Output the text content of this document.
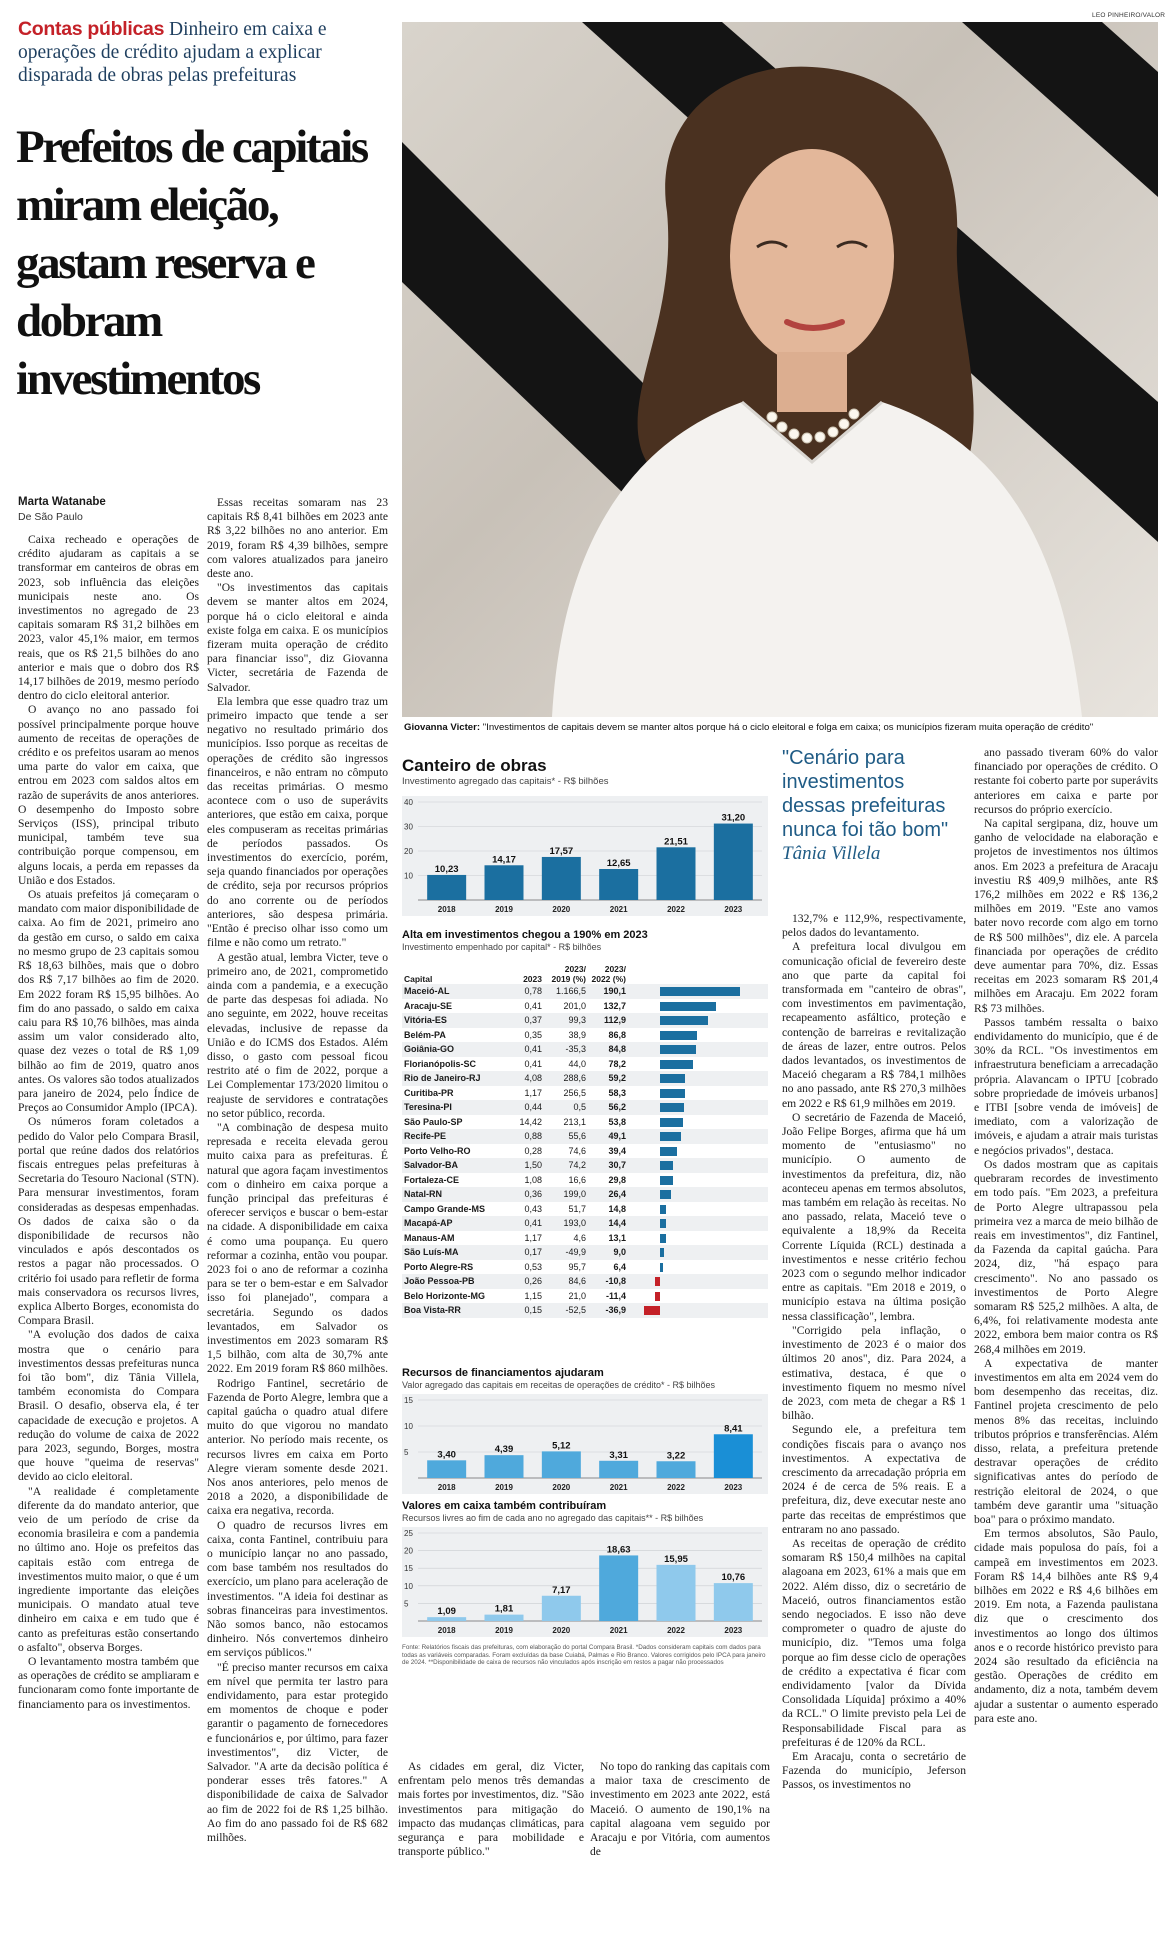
Contas públicas Dinheiro em caixa e operações de crédito ajudam a explicar disparada de obras pelas prefeituras
Prefeitos de capitais miram eleição, gastam reserva e dobram investimentos
Marta Watanabe
De São Paulo

Caixa recheado e operações de crédito ajudaram as capitais a se transformar em canteiros de obras em 2023, sob influência das eleições municipais neste ano. Os investimentos no agregado de 23 capitais somaram R$ 31,2 bilhões em 2023, valor 45,1% maior, em termos reais, que os R$ 21,5 bilhões do ano anterior e mais que o dobro dos R$ 14,17 bilhões de 2019, mesmo período dentro do ciclo eleitoral anterior.

O avanço no ano passado foi possível principalmente porque houve aumento de receitas de operações de crédito e os prefeitos usaram ao menos uma parte do valor em caixa, que entrou em 2023 com saldos altos em razão de superávits de anos anteriores. O desempenho do Imposto sobre Serviços (ISS), principal tributo municipal, também teve sua contribuição porque compensou, em alguns locais, a perda em repasses da União e dos Estados.

Os atuais prefeitos já começaram o mandato com maior disponibilidade de caixa. Ao fim de 2021, primeiro ano da gestão em curso, o saldo em caixa no mesmo grupo de 23 capitais somou R$ 18,63 bilhões, mais que o dobro dos R$ 7,17 bilhões ao fim de 2020. Em 2022 foram R$ 15,95 bilhões. Ao fim do ano passado, o saldo em caixa caiu para R$ 10,76 bilhões, mas ainda assim um valor considerado alto, quase dez vezes o total de R$ 1,09 bilhão ao fim de 2019, quatro anos antes. Os valores são todos atualizados para janeiro de 2024, pelo Índice de Preços ao Consumidor Amplo (IPCA).

Os números foram coletados a pedido do Valor pelo Compara Brasil, portal que reúne dados dos relatórios fiscais entregues pelas prefeituras à Secretaria do Tesouro Nacional (STN). Para mensurar investimentos, foram consideradas as despesas empenhadas. Os dados de caixa são o da disponibilidade de recursos não vinculados e após descontados os restos a pagar não processados. O critério foi usado para refletir de forma mais conservadora os recursos livres, explica Alberto Borges, economista do Compara Brasil.

"A evolução dos dados de caixa mostra que o cenário para investimentos dessas prefeituras nunca foi tão bom", diz Tânia Villela, também economista do Compara Brasil. O desafio, observa ela, é ter capacidade de execução e projetos. A redução do volume de caixa de 2022 para 2023, segundo, Borges, mostra que houve "queima de reservas" devido ao ciclo eleitoral.

"A realidade é completamente diferente da do mandato anterior, que veio de um período de crise da economia brasileira e com a pandemia no último ano. Hoje os prefeitos das capitais estão com entrega de investimentos muito maior, o que é um ingrediente importante das eleições municipais. O mandato atual teve dinheiro em caixa e em tudo que é canto as prefeituras estão consertando o asfalto", observa Borges.

O levantamento mostra também que as operações de crédito se ampliaram e funcionaram como fonte importante de financiamento para os investimentos.

Essas receitas somaram nas 23 capitais R$ 8,41 bilhões em 2023 ante R$ 3,22 bilhões no ano anterior. Em 2019, foram R$ 4,39 bilhões, sempre com valores atualizados para janeiro deste ano.

"Os investimentos das capitais devem se manter altos em 2024, porque há o ciclo eleitoral e ainda existe folga em caixa. E os municípios fizeram muita operação de crédito para financiar isso", diz Giovanna Victer, secretária de Fazenda de Salvador.

Ela lembra que esse quadro traz um primeiro impacto que tende a ser negativo no resultado primário dos municípios. Isso porque as receitas de operações de crédito são ingressos financeiros, e não entram no cômputo das receitas primárias. O mesmo acontece com o uso de superávits anteriores, que estão em caixa, porque eles compuseram as receitas primárias de períodos passados. Os investimentos do exercício, porém, seja quando financiados por operações de crédito, seja por recursos próprios do ano corrente ou de períodos anteriores, são despesa primária. "Então é preciso olhar isso como um filme e não como um retrato."

A gestão atual, lembra Victer, teve o primeiro ano, de 2021, comprometido ainda com a pandemia, e a execução de parte das despesas foi adiada. No ano seguinte, em 2022, houve receitas elevadas, inclusive de repasse da União e do ICMS dos Estados. Além disso, o gasto com pessoal ficou restrito até o fim de 2022, porque a Lei Complementar 173/2020 limitou o reajuste de servidores e contratações no setor público, recorda.

"A combinação de despesa muito represada e receita elevada gerou muito caixa para as prefeituras. É natural que agora façam investimentos com o dinheiro em caixa porque a função principal das prefeituras é oferecer serviços e buscar o bem-estar na cidade. A disponibilidade em caixa é como uma poupança. Eu quero reformar a cozinha, então vou poupar. 2023 foi o ano de reformar a cozinha para se ter o bem-estar e em Salvador isso foi planejado", compara a secretária. Segundo os dados levantados, em Salvador os investimentos em 2023 somaram R$ 1,5 bilhão, com alta de 30,7% ante 2022. Em 2019 foram R$ 860 milhões.

Rodrigo Fantinel, secretário de Fazenda de Porto Alegre, lembra que a capital gaúcha o quadro atual difere muito do que vigorou no mandato anterior. No período mais recente, os recursos livres em caixa em Porto Alegre vieram somente desde 2021. Nos anos anteriores, pelo menos de 2018 a 2020, a disponibilidade de caixa era negativa, recorda.

O quadro de recursos livres em caixa, conta Fantinel, contribuiu para o município lançar no ano passado, com base também nos resultados do exercício, um plano para aceleração de investimentos. "A ideia foi destinar as sobras financeiras para investimentos. Não somos banco, não estocamos dinheiro. Nós convertemos dinheiro em serviços públicos."

"É preciso manter recursos em caixa em nível que permita ter lastro para endividamento, para estar protegido em momentos de choque e poder garantir o pagamento de fornecedores e funcionários e, por último, para fazer investimentos", diz Victer, de Salvador. "A arte da decisão política é ponderar esses três fatores." A disponibilidade de caixa de Salvador ao fim de 2022 foi de R$ 1,25 bilhão. Ao fim do ano passado foi de R$ 682 milhões.

As cidades em geral, diz Victer, enfrentam pelo menos três demandas mais fortes por investimentos, diz. "São investimentos para mitigação do impacto das mudanças climáticas, para segurança e para mobilidade e transporte público."

No topo do ranking das capitais com a maior taxa de crescimento de investimento em 2023 ante 2022, está Maceió. O aumento de 190,1% na capital alagoana vem seguido por Aracaju e por Vitória, com aumentos de

132,7% e 112,9%, respectivamente, pelos dados do levantamento.

A prefeitura local divulgou em comunicação oficial de fevereiro deste ano que parte da capital foi transformada em "canteiro de obras", com investimentos em pavimentação, recapeamento asfáltico, proteção e contenção de barreiras e revitalização de áreas de lazer, entre outros. Pelos dados levantados, os investimentos de Maceió chegaram a R$ 784,1 milhões no ano passado, ante R$ 270,3 milhões em 2022 e R$ 61,9 milhões em 2019.

O secretário de Fazenda de Maceió, João Felipe Borges, afirma que há um momento de "entusiasmo" no município. O aumento de investimentos da prefeitura, diz, não aconteceu apenas em termos absolutos, mas também em relação às receitas. No ano passado, relata, Maceió teve o equivalente a 18,9% da Receita Corrente Líquida (RCL) destinada a investimentos e nesse critério fechou 2023 com o segundo melhor indicador entre as capitais. "Em 2018 e 2019, o município estava na última posição nessa classificação", lembra.

"Corrigido pela inflação, o investimento de 2023 é o maior dos últimos 20 anos", diz. Para 2024, a estimativa, destaca, é que o investimento fiquem no mesmo nível de 2023, com meta de chegar a R$ 1 bilhão.

Segundo ele, a prefeitura tem condições fiscais para o avanço nos investimentos. A expectativa de crescimento da arrecadação própria em 2024 é de cerca de 5% reais. E a prefeitura, diz, deve executar neste ano parte das receitas de empréstimos que entraram no ano passado.

As receitas de operação de crédito somaram R$ 150,4 milhões na capital alagoana em 2023, 61% a mais que em 2022. Além disso, diz o secretário de Maceió, outros financiamentos estão sendo negociados. E isso não deve comprometer o quadro de ajuste do município, diz. "Temos uma folga porque ao fim desse ciclo de operações de crédito a expectativa é ficar com endividamento [valor da Dívida Consolidada Líquida] próximo a 40% da RCL." O limite previsto pela Lei de Responsabilidade Fiscal para as prefeituras é de 120% da RCL.

Em Aracaju, conta o secretário de Fazenda do município, Jeferson Passos, os investimentos no

ano passado tiveram 60% do valor financiado por operações de crédito. O restante foi coberto parte por superávits anteriores em caixa e parte por recursos do próprio exercício.

Na capital sergipana, diz, houve um ganho de velocidade na elaboração e projetos de investimentos nos últimos anos. Em 2023 a prefeitura de Aracaju investiu R$ 409,9 milhões, ante R$ 176,2 milhões em 2022 e R$ 136,2 milhões em 2019. "Este ano vamos bater novo recorde com algo em torno de R$ 500 milhões", diz ele. A parcela financiada por operações de crédito deve aumentar para 70%, diz. Essas receitas em 2023 somaram R$ 201,4 milhões em Aracaju. Em 2022 foram R$ 73 milhões.

Passos também ressalta o baixo endividamento do município, que é de 30% da RCL. "Os investimentos em infraestrutura beneficiam a arrecadação própria. Alavancam o IPTU [cobrado sobre propriedade de imóveis urbanos] e ITBI [sobre venda de imóveis] de imediato, com a valorização de imóveis, e ajudam a atrair mais turistas e negócios privados", destaca.

Os dados mostram que as capitais quebraram recordes de investimento em todo país. "Em 2023, a prefeitura de Porto Alegre ultrapassou pela primeira vez a marca de meio bilhão de reais em investimentos", diz Fantinel, da Fazenda da capital gaúcha. Para 2024, diz, "há espaço para crescimento". No ano passado os investimentos de Porto Alegre somaram R$ 525,2 milhões. A alta, de 6,4%, foi relativamente modesta ante 2022, embora bem maior contra os R$ 268,4 milhões em 2019.

A expectativa de manter investimentos em alta em 2024 vem do bom desempenho das receitas, diz. Fantinel projeta crescimento de pelo menos 8% das receitas, incluindo tributos próprios e transferências. Além disso, relata, a prefeitura pretende destravar operações de crédito significativas antes do período de restrição eleitoral de 2024, o que também deve garantir uma "situação boa" para o próximo mandato.

Em termos absolutos, São Paulo, cidade mais populosa do país, foi a campeã em investimentos em 2023. Foram R$ 14,4 bilhões ante R$ 9,4 bilhões em 2022 e R$ 4,6 bilhões em 2019. Em nota, a Fazenda paulistana diz que o crescimento dos investimentos ao longo dos últimos anos e o recorde histórico previsto para 2024 são resultado da eficiência na gestão. Operações de crédito em andamento, diz a nota, também devem ajudar a sustentar o aumento esperado para este ano.

LEO PINHEIRO/VALOR
Giovanna Victer: "Investimentos de capitais devem se manter altos porque há o ciclo eleitoral e folga em caixa; os municípios fizeram muita operação de crédito"
"Cenário para investimentos dessas prefeituras nunca foi tão bom"
Tânia Villela
Canteiro de obras
Investimento agregado das capitais* - R$ bilhões
10
20
30
40
10,23
2018
14,17
2019
17,57
2020
12,65
2021
21,51
2022
31,20
2023
Alta em investimentos chegou a 190% em 2023
Investimento empenhado por capital* - R$ bilhões
Capital	2023	2023/ 2019 (%)	2023/ 2022 (%)	
Maceió-AL	0,78	1.166,5	190,1	

Aracaju-SE	0,41	201,0	132,7	

Vitória-ES	0,37	99,3	112,9	

Belém-PA	0,35	38,9	86,8	

Goiânia-GO	0,41	-35,3	84,8	

Florianópolis-SC	0,41	44,0	78,2	

Rio de Janeiro-RJ	4,08	288,6	59,2	

Curitiba-PR	1,17	256,5	58,3	

Teresina-PI	0,44	0,5	56,2	

São Paulo-SP	14,42	213,1	53,8	

Recife-PE	0,88	55,6	49,1	

Porto Velho-RO	0,28	74,6	39,4	

Salvador-BA	1,50	74,2	30,7	

Fortaleza-CE	1,08	16,6	29,8	

Natal-RN	0,36	199,0	26,4	

Campo Grande-MS	0,43	51,7	14,8	

Macapá-AP	0,41	193,0	14,4	

Manaus-AM	1,17	4,6	13,1	

São Luís-MA	0,17	-49,9	9,0	

Porto Alegre-RS	0,53	95,7	6,4	

João Pessoa-PB	0,26	84,6	-10,8	

Belo Horizonte-MG	1,15	21,0	-11,4	

Boa Vista-RR	0,15	-52,5	-36,9	
Recursos de financiamentos ajudaram
Valor agregado das capitais em receitas de operações de crédito* - R$ bilhões
5
10
15
3,40
2018
4,39
2019
5,12
2020
3,31
2021
3,22
2022
8,41
2023
Valores em caixa também contribuíram
Recursos livres ao fim de cada ano no agregado das capitais** - R$ bilhões
5
10
15
20
25
1,09
2018
1,81
2019
7,17
2020
18,63
2021
15,95
2022
10,76
2023
Fonte: Relatórios fiscais das prefeituras, com elaboração do portal Compara Brasil. *Dados consideram capitais com dados para todas as variáveis comparadas. Foram excluídas da base Cuiabá, Palmas e Rio Branco. Valores corrigidos pelo IPCA para janeiro de 2024. **Disponibilidade de caixa de recursos não vinculados após inscrição em restos a pagar não processados
